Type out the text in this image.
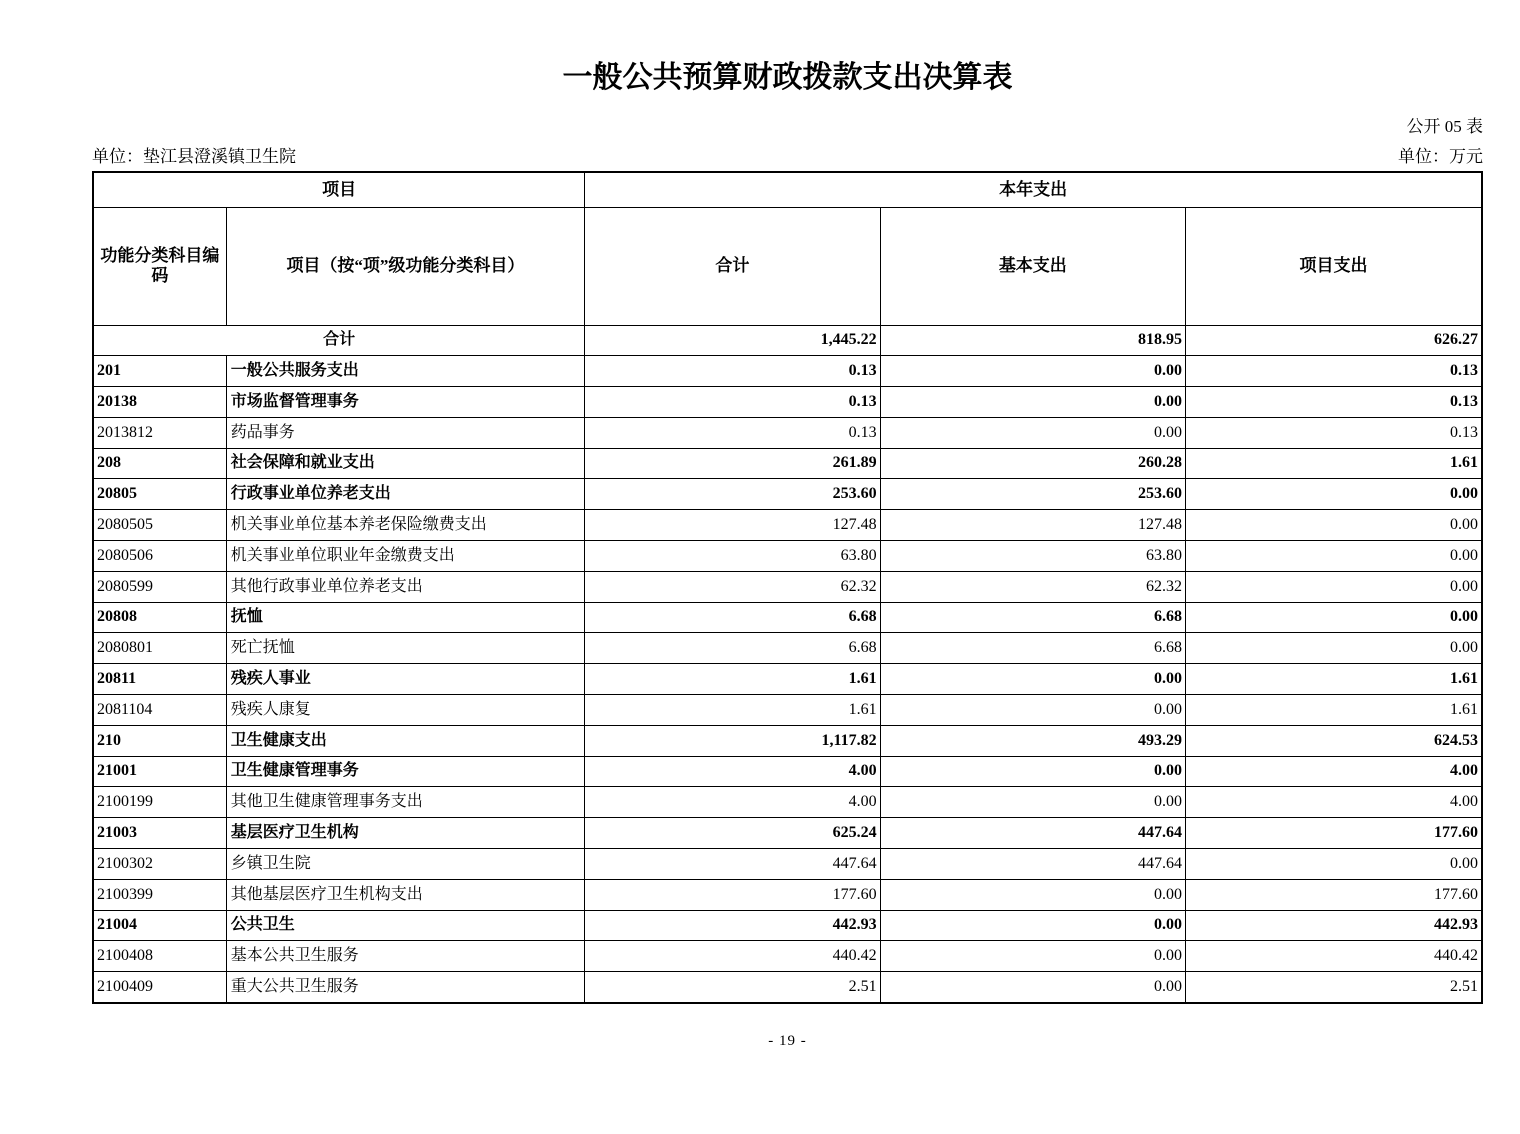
一般公共预算财政拨款支出决算表
公开 05 表
单位：垫江县澄溪镇卫生院	单位：万元
项目		本年支出		
功能分类科目编码	项目（按“项”级功能分类科目）	合计	基本支出	项目支出
合计		1,445.22	818.95	626.27
201	一般公共服务支出	0.13	0.00	0.13
20138	市场监督管理事务	0.13	0.00	0.13
2013812	药品事务	0.13	0.00	0.13
208	社会保障和就业支出	261.89	260.28	1.61
20805	行政事业单位养老支出	253.60	253.60	0.00
2080505	机关事业单位基本养老保险缴费支出	127.48	127.48	0.00
2080506	机关事业单位职业年金缴费支出	63.80	63.80	0.00
2080599	其他行政事业单位养老支出	62.32	62.32	0.00
20808	抚恤	6.68	6.68	0.00
2080801	死亡抚恤	6.68	6.68	0.00
20811	残疾人事业	1.61	0.00	1.61
2081104	残疾人康复	1.61	0.00	1.61
210	卫生健康支出	1,117.82	493.29	624.53
21001	卫生健康管理事务	4.00	0.00	4.00
2100199	其他卫生健康管理事务支出	4.00	0.00	4.00
21003	基层医疗卫生机构	625.24	447.64	177.60
2100302	乡镇卫生院	447.64	447.64	0.00
2100399	其他基层医疗卫生机构支出	177.60	0.00	177.60
21004	公共卫生	442.93	0.00	442.93
2100408	基本公共卫生服务	440.42	0.00	440.42
2100409	重大公共卫生服务	2.51	0.00	2.51
- 19 -
